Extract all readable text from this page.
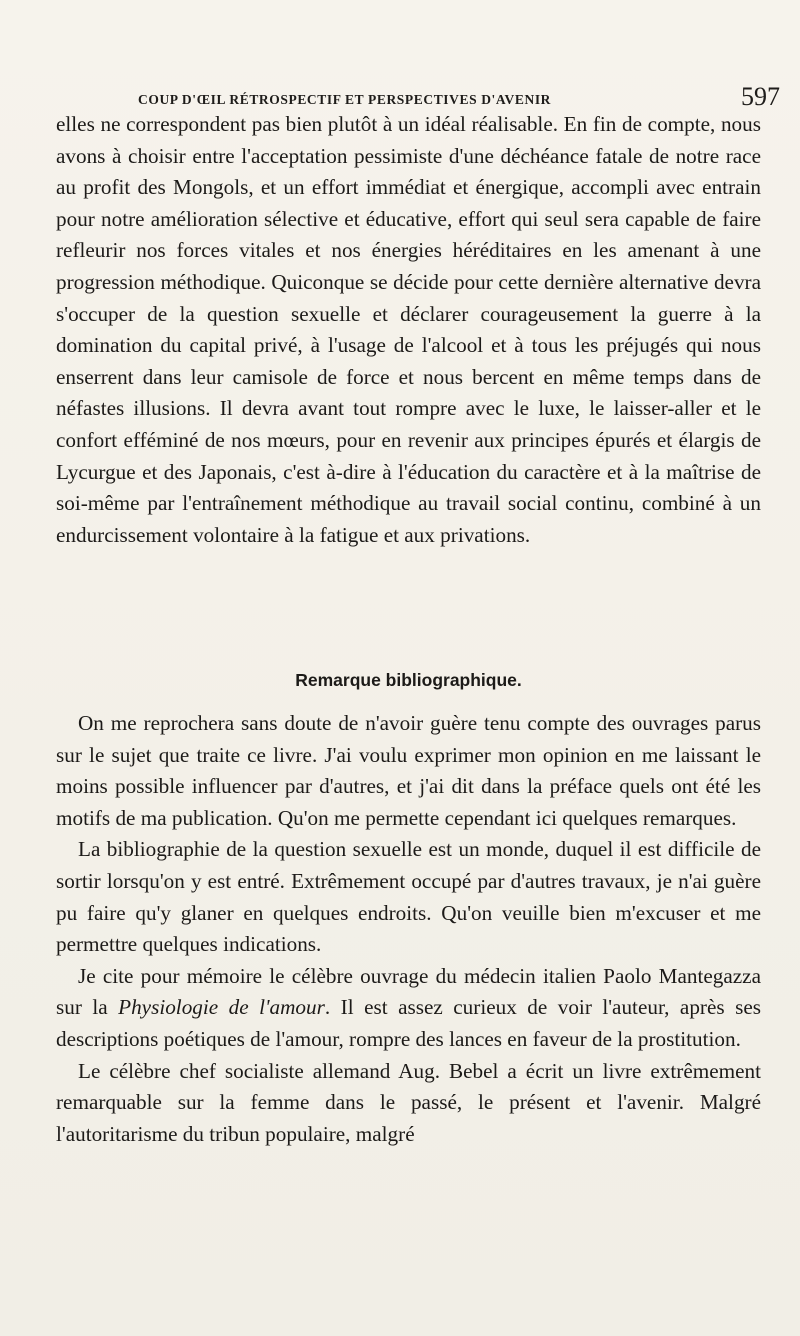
COUP D'ŒIL RÉTROSPECTIF ET PERSPECTIVES D'AVENIR	597

elles ne correspondent pas bien plutôt à un idéal réalisable. En fin de compte, nous avons à choisir entre l'acceptation pessimiste d'une déchéance fatale de notre race au profit des Mongols, et un effort immédiat et énergique, accompli avec entrain pour notre amélioration sélective et éducative, effort qui seul sera capable de faire refleurir nos forces vitales et nos énergies héréditaires en les amenant à une progression méthodique. Quiconque se décide pour cette dernière alternative devra s'occuper de la question sexuelle et déclarer courageusement la guerre à la domination du capital privé, à l'usage de l'alcool et à tous les préjugés qui nous enserrent dans leur camisole de force et nous bercent en même temps dans de néfastes illusions. Il devra avant tout rompre avec le luxe, le laisser-aller et le confort efféminé de nos mœurs, pour en revenir aux principes épurés et élargis de Lycurgue et des Japonais, c'est à-dire à l'éducation du caractère et à la maîtrise de soi-même par l'entraînement méthodique au travail social continu, combiné à un endurcissement volontaire à la fatigue et aux privations.

Remarque bibliographique.

On me reprochera sans doute de n'avoir guère tenu compte des ouvrages parus sur le sujet que traite ce livre. J'ai voulu exprimer mon opinion en me laissant le moins possible influencer par d'autres, et j'ai dit dans la préface quels ont été les motifs de ma publication. Qu'on me permette cependant ici quelques remarques.

La bibliographie de la question sexuelle est un monde, duquel il est difficile de sortir lorsqu'on y est entré. Extrêmement occupé par d'autres travaux, je n'ai guère pu faire qu'y glaner en quelques endroits. Qu'on veuille bien m'excuser et me permettre quelques indications.

Je cite pour mémoire le célèbre ouvrage du médecin italien Paolo Mantegazza sur la Physiologie de l'amour. Il est assez curieux de voir l'auteur, après ses descriptions poétiques de l'amour, rompre des lances en faveur de la prostitution.

Le célèbre chef socialiste allemand Aug. Bebel a écrit un livre extrêmement remarquable sur la femme dans le passé, le présent et l'avenir. Malgré l'autoritarisme du tribun populaire, malgré
